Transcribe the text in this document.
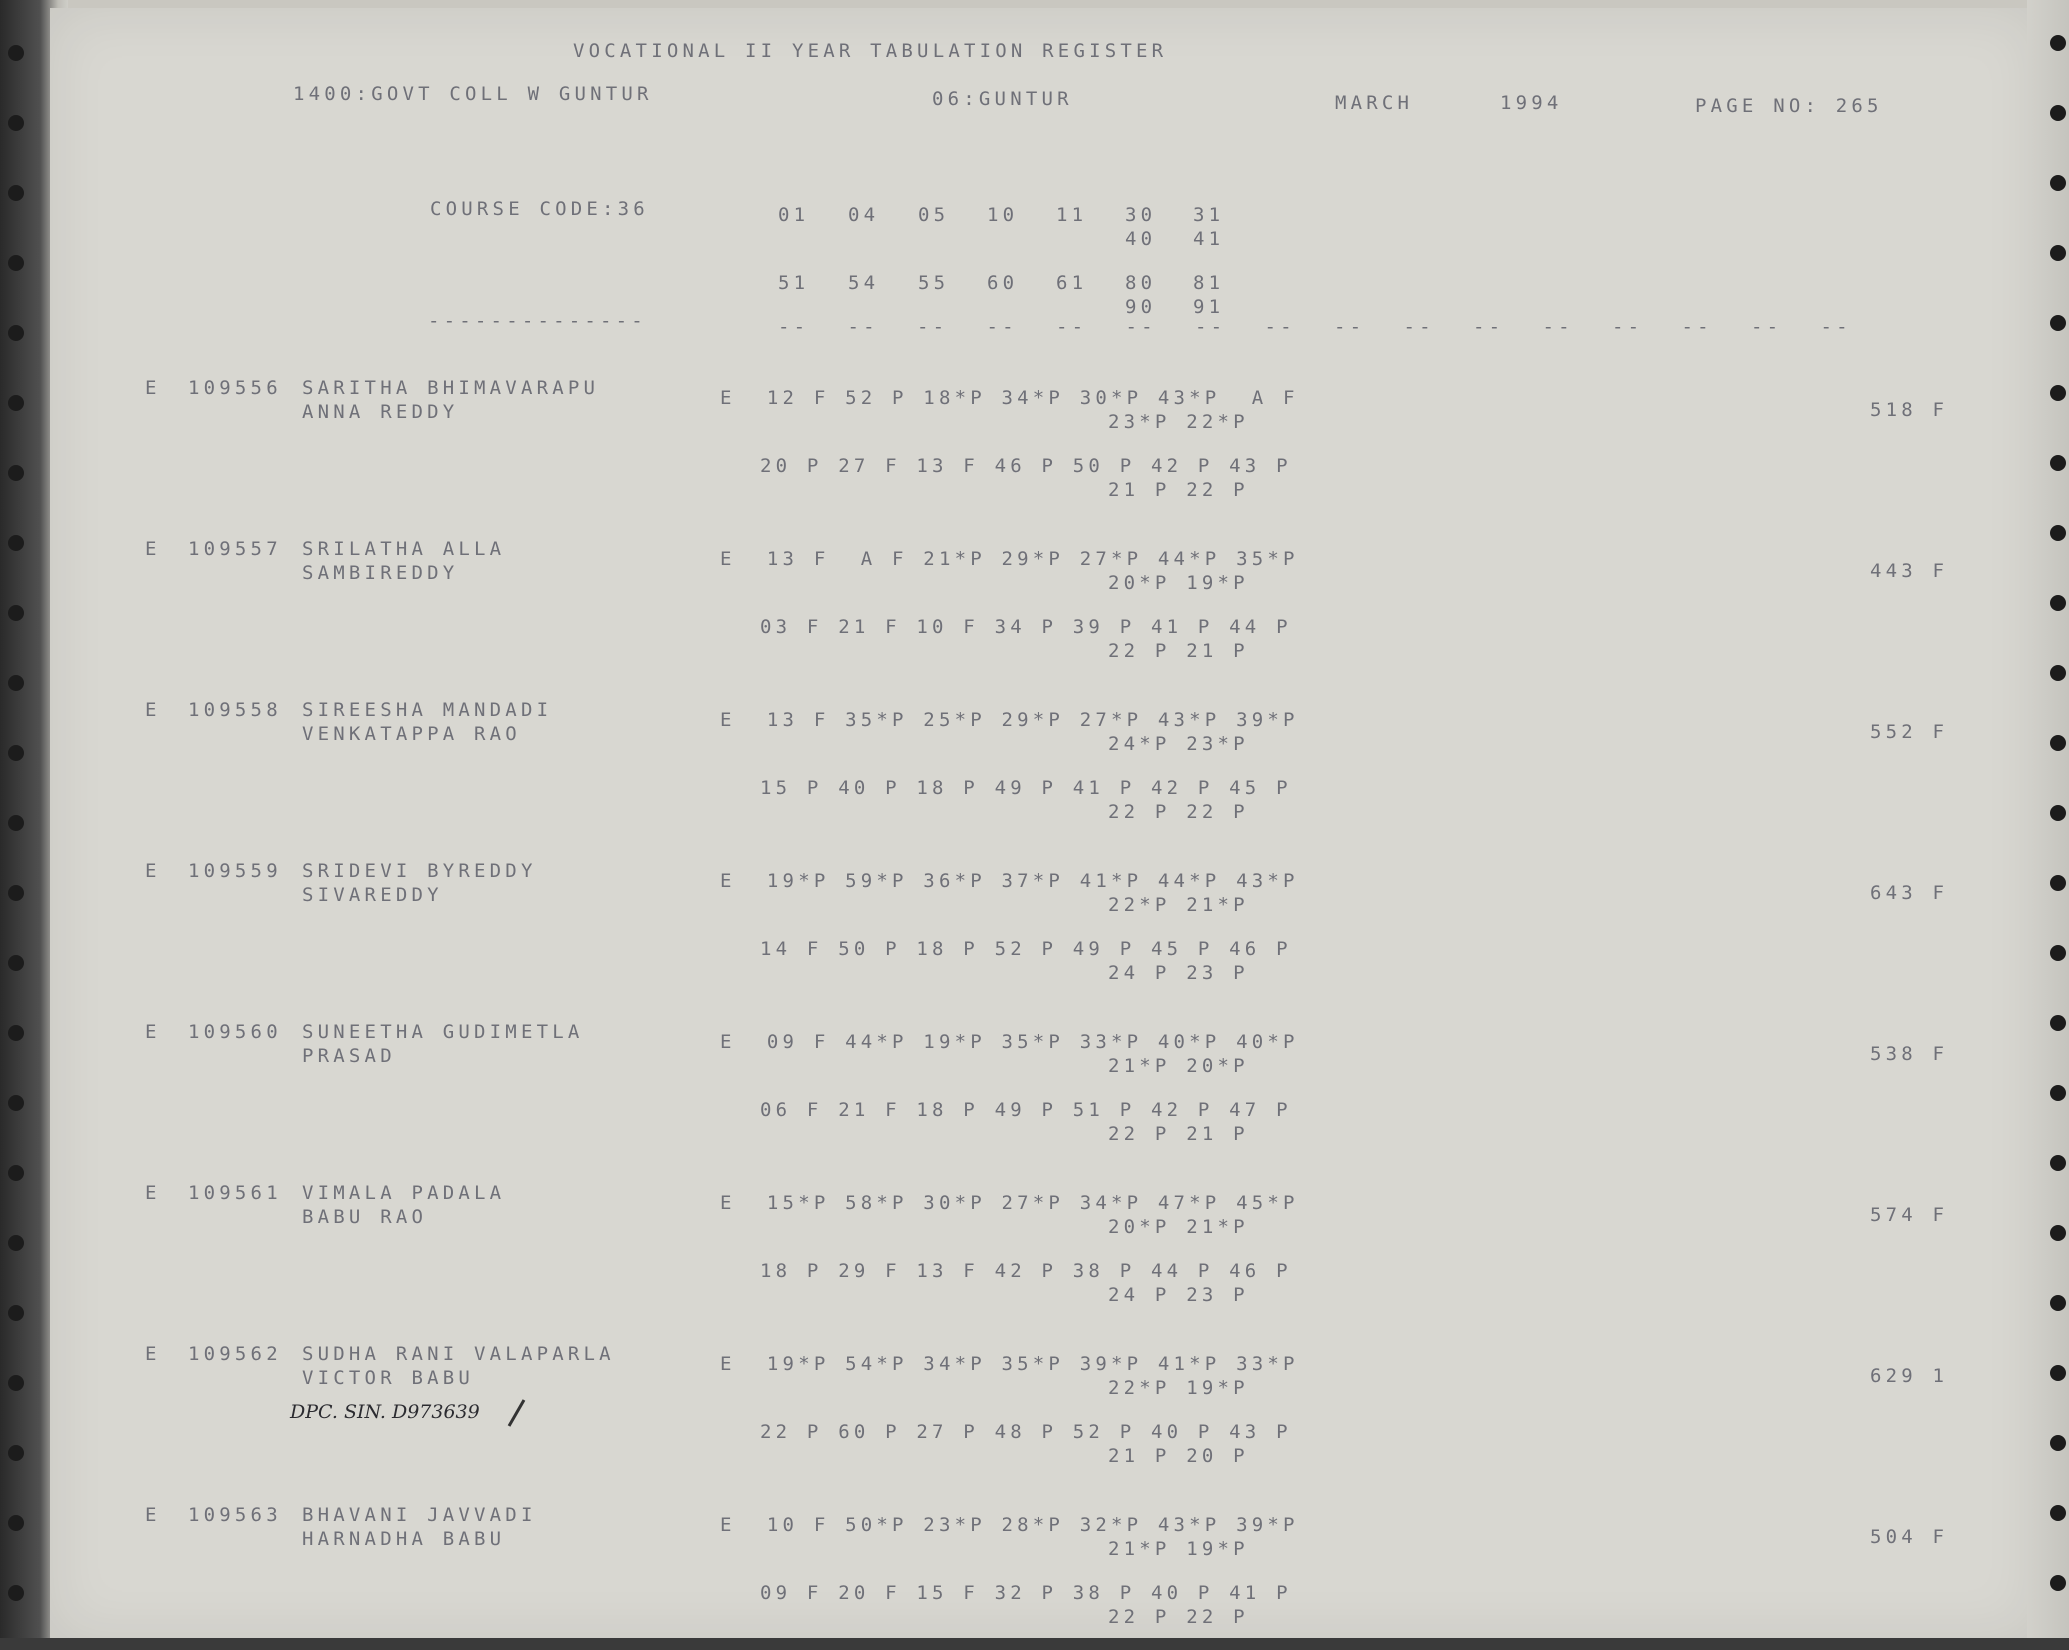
VOCATIONAL II YEAR TABULATION REGISTER
1400:GOVT COLL W GUNTUR	06:GUNTUR	MARCH	1994	PAGE NO: 265
COURSE CODE:36
--------------
01 04 05 10 11 30 31
40 41
51 54 55 60 61 80 81
90 91
-- -- -- -- -- -- -- -- -- -- -- -- -- -- -- --
E 109556 SARITHA BHIMAVARAPU
ANNA REDDY
E  12 F 52 P 18*P 34*P 30*P 43*P  A F
23*P 22*P
20 P 27 F 13 F 46 P 50 P 42 P 43 P
21 P 22 P
518 F
E 109557 SRILATHA ALLA
SAMBIREDDY
E  13 F  A F 21*P 29*P 27*P 44*P 35*P
20*P 19*P
03 F 21 F 10 F 34 P 39 P 41 P 44 P
22 P 21 P
443 F
E 109558 SIREESHA MANDADI
VENKATAPPA RAO
E  13 F 35*P 25*P 29*P 27*P 43*P 39*P
24*P 23*P
15 P 40 P 18 P 49 P 41 P 42 P 45 P
22 P 22 P
552 F
E 109559 SRIDEVI BYREDDY
SIVAREDDY
E  19*P 59*P 36*P 37*P 41*P 44*P 43*P
22*P 21*P
14 F 50 P 18 P 52 P 49 P 45 P 46 P
24 P 23 P
643 F
E 109560 SUNEETHA GUDIMETLA
PRASAD
E  09 F 44*P 19*P 35*P 33*P 40*P 40*P
21*P 20*P
06 F 21 F 18 P 49 P 51 P 42 P 47 P
22 P 21 P
538 F
E 109561 VIMALA PADALA
BABU RAO
E  15*P 58*P 30*P 27*P 34*P 47*P 45*P
20*P 21*P
18 P 29 F 13 F 42 P 38 P 44 P 46 P
24 P 23 P
574 F
E 109562 SUDHA RANI VALAPARLA
VICTOR BABU
E  19*P 54*P 34*P 35*P 39*P 41*P 33*P
22*P 19*P
22 P 60 P 27 P 48 P 52 P 40 P 43 P
21 P 20 P
629 1
DPC. SIN. D973639
E 109563 BHAVANI JAVVADI
HARNADHA BABU
E  10 F 50*P 23*P 28*P 32*P 43*P 39*P
21*P 19*P
09 F 20 F 15 F 32 P 38 P 40 P 41 P
22 P 22 P
504 F
